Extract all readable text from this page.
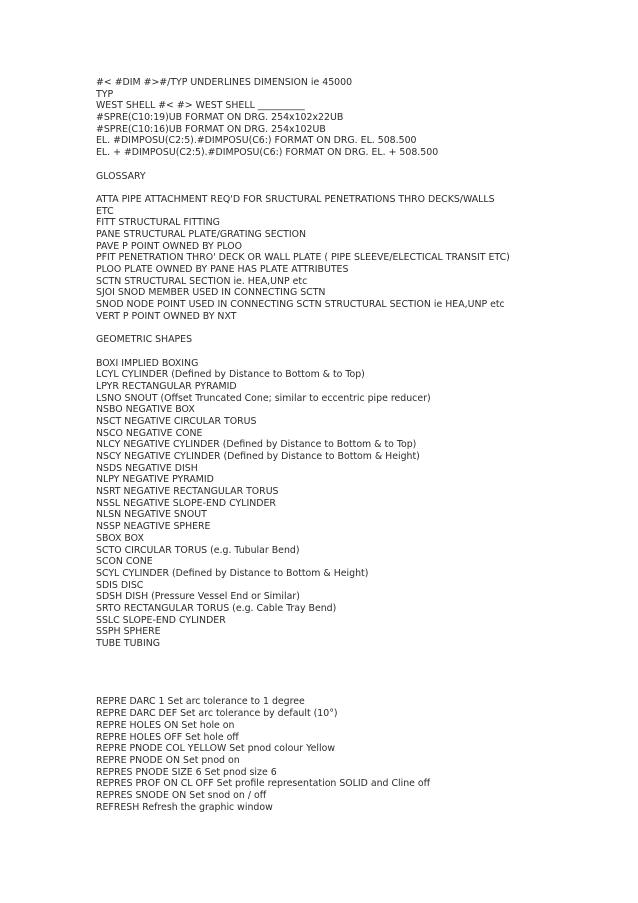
#< #DIM #>#/TYP UNDERLINES DIMENSION ie 45000
TYP
WEST SHELL #< #> WEST SHELL __________
#SPRE(C10:19)UB FORMAT ON DRG. 254x102x22UB
#SPRE(C10:16)UB FORMAT ON DRG. 254x102UB
EL. #DIMPOSU(C2:5).#DIMPOSU(C6:) FORMAT ON DRG. EL. 508.500
EL. + #DIMPOSU(C2:5).#DIMPOSU(C6:) FORMAT ON DRG. EL. + 508.500
GLOSSARY
ATTA PIPE ATTACHMENT REQ'D FOR SRUCTURAL PENETRATIONS THRO DECKS/WALLS
ETC
FITT STRUCTURAL FITTING
PANE STRUCTURAL PLATE/GRATING SECTION
PAVE P POINT OWNED BY PLOO
PFIT PENETRATION THRO' DECK OR WALL PLATE ( PIPE SLEEVE/ELECTICAL TRANSIT ETC)
PLOO PLATE OWNED BY PANE HAS PLATE ATTRIBUTES
SCTN STRUCTURAL SECTION ie. HEA,UNP etc
SJOI SNOD MEMBER USED IN CONNECTING SCTN
SNOD NODE POINT USED IN CONNECTING SCTN STRUCTURAL SECTION ie HEA,UNP etc
VERT P POINT OWNED BY NXT
GEOMETRIC SHAPES
BOXI IMPLIED BOXING
LCYL CYLINDER (Defined by Distance to Bottom & to Top)
LPYR RECTANGULAR PYRAMID
LSNO SNOUT (Offset Truncated Cone; similar to eccentric pipe reducer)
NSBO NEGATIVE BOX
NSCT NEGATIVE CIRCULAR TORUS
NSCO NEGATIVE CONE
NLCY NEGATIVE CYLINDER (Defined by Distance to Bottom & to Top)
NSCY NEGATIVE CYLINDER (Defined by Distance to Bottom & Height)
NSDS NEGATIVE DISH
NLPY NEGATIVE PYRAMID
NSRT NEGATIVE RECTANGULAR TORUS
NSSL NEGATIVE SLOPE-END CYLINDER
NLSN NEGATIVE SNOUT
NSSP NEAGTIVE SPHERE
SBOX BOX
SCTO CIRCULAR TORUS (e.g. Tubular Bend)
SCON CONE
SCYL CYLINDER (Defined by Distance to Bottom & Height)
SDIS DISC
SDSH DISH (Pressure Vessel End or Similar)
SRTO RECTANGULAR TORUS (e.g. Cable Tray Bend)
SSLC SLOPE-END CYLINDER
SSPH SPHERE
TUBE TUBING
REPRE DARC 1 Set arc tolerance to 1 degree
REPRE DARC DEF Set arc tolerance by default (10°)
REPRE HOLES ON Set hole on
REPRE HOLES OFF Set hole off
REPRE PNODE COL YELLOW Set pnod colour Yellow
REPRE PNODE ON Set pnod on
REPRES PNODE SIZE 6 Set pnod size 6
REPRES PROF ON CL OFF Set profile representation SOLID and Cline off
REPRES SNODE ON Set snod on / off
REFRESH Refresh the graphic window
